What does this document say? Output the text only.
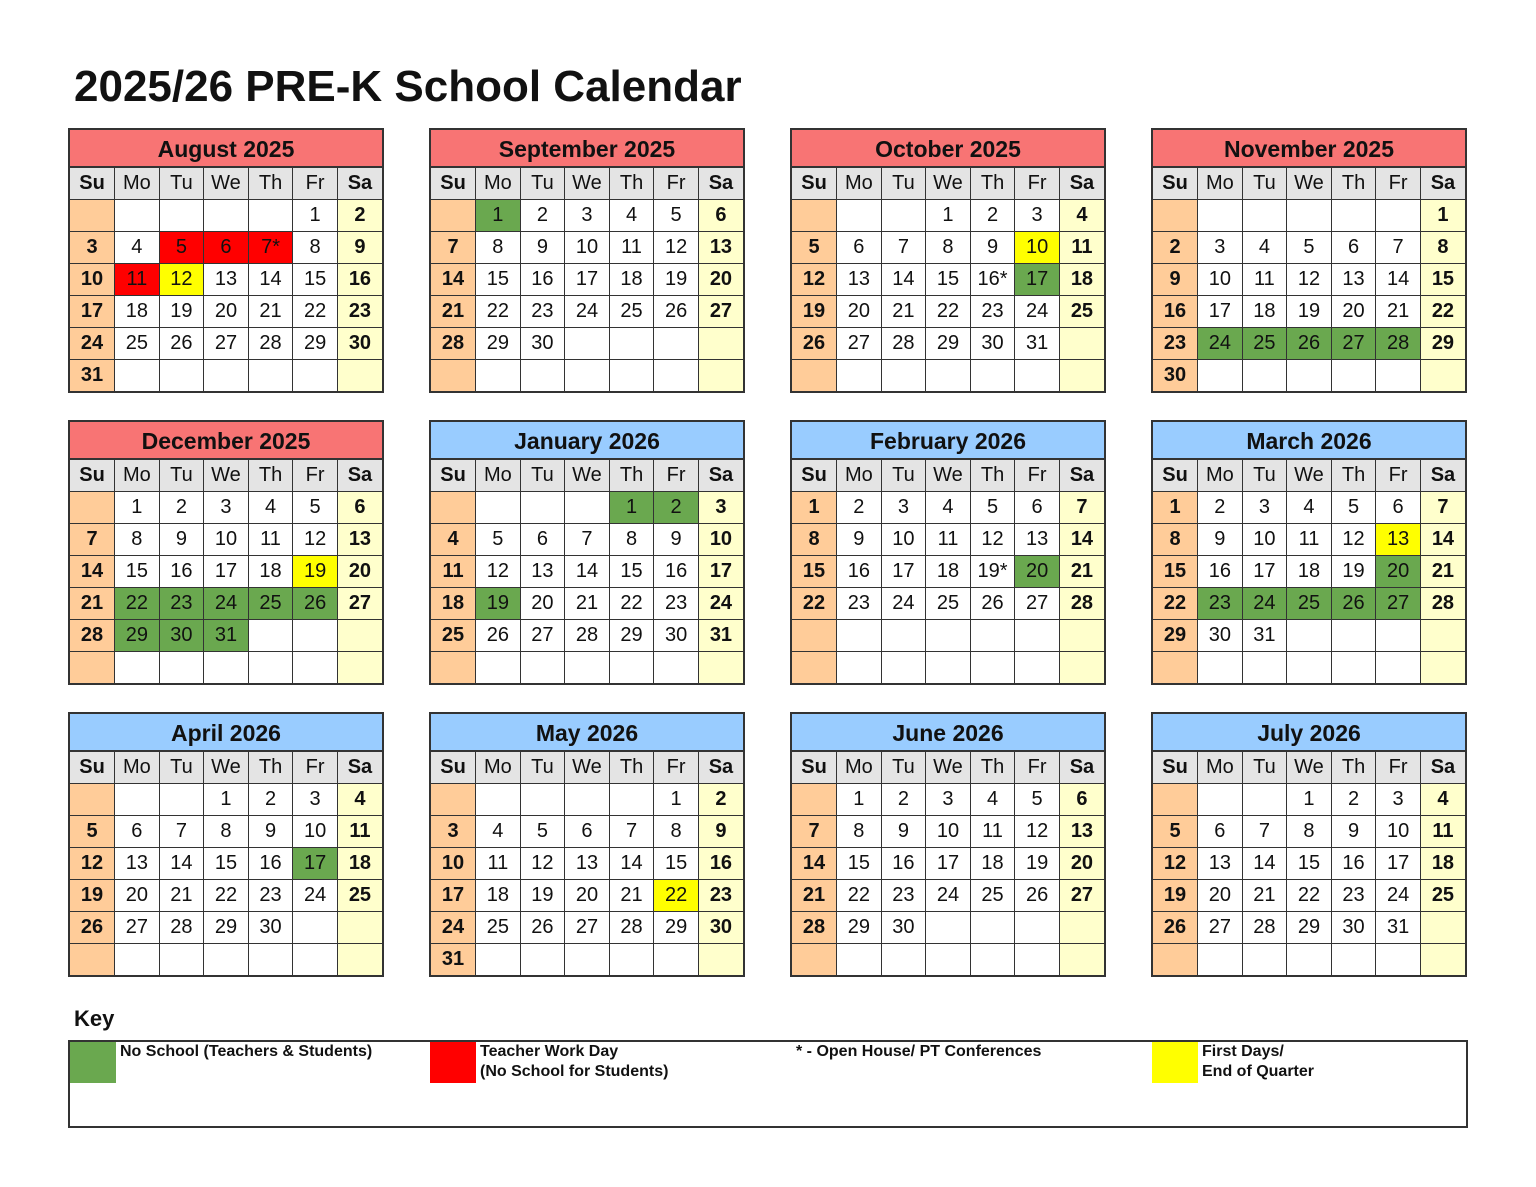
2025/26 PRE-K School Calendar
August 2025
Su	Mo	Tu	We	Th	Fr	Sa
					1	2
3	4	5	6	7*	8	9
10	11	12	13	14	15	16
17	18	19	20	21	22	23
24	25	26	27	28	29	30
31						
September 2025
Su	Mo	Tu	We	Th	Fr	Sa
	1	2	3	4	5	6
7	8	9	10	11	12	13
14	15	16	17	18	19	20
21	22	23	24	25	26	27
28	29	30				

October 2025
Su	Mo	Tu	We	Th	Fr	Sa
			1	2	3	4
5	6	7	8	9	10	11
12	13	14	15	16*	17	18
19	20	21	22	23	24	25
26	27	28	29	30	31	

November 2025
Su	Mo	Tu	We	Th	Fr	Sa
						1
2	3	4	5	6	7	8
9	10	11	12	13	14	15
16	17	18	19	20	21	22
23	24	25	26	27	28	29
30						
December 2025
Su	Mo	Tu	We	Th	Fr	Sa
	1	2	3	4	5	6
7	8	9	10	11	12	13
14	15	16	17	18	19	20
21	22	23	24	25	26	27
28	29	30	31			

January 2026
Su	Mo	Tu	We	Th	Fr	Sa
				1	2	3
4	5	6	7	8	9	10
11	12	13	14	15	16	17
18	19	20	21	22	23	24
25	26	27	28	29	30	31

February 2026
Su	Mo	Tu	We	Th	Fr	Sa
1	2	3	4	5	6	7
8	9	10	11	12	13	14
15	16	17	18	19*	20	21
22	23	24	25	26	27	28

March 2026
Su	Mo	Tu	We	Th	Fr	Sa
1	2	3	4	5	6	7
8	9	10	11	12	13	14
15	16	17	18	19	20	21
22	23	24	25	26	27	28
29	30	31				

April 2026
Su	Mo	Tu	We	Th	Fr	Sa
			1	2	3	4
5	6	7	8	9	10	11
12	13	14	15	16	17	18
19	20	21	22	23	24	25
26	27	28	29	30		

May 2026
Su	Mo	Tu	We	Th	Fr	Sa
					1	2
3	4	5	6	7	8	9
10	11	12	13	14	15	16
17	18	19	20	21	22	23
24	25	26	27	28	29	30
31						
June 2026
Su	Mo	Tu	We	Th	Fr	Sa
	1	2	3	4	5	6
7	8	9	10	11	12	13
14	15	16	17	18	19	20
21	22	23	24	25	26	27
28	29	30				

July 2026
Su	Mo	Tu	We	Th	Fr	Sa
			1	2	3	4
5	6	7	8	9	10	11
12	13	14	15	16	17	18
19	20	21	22	23	24	25
26	27	28	29	30	31	

Key
No School (Teachers & Students)	Teacher Work Day
(No School for Students)
* - Open House/ PT Conferences	First Days/
End of Quarter
